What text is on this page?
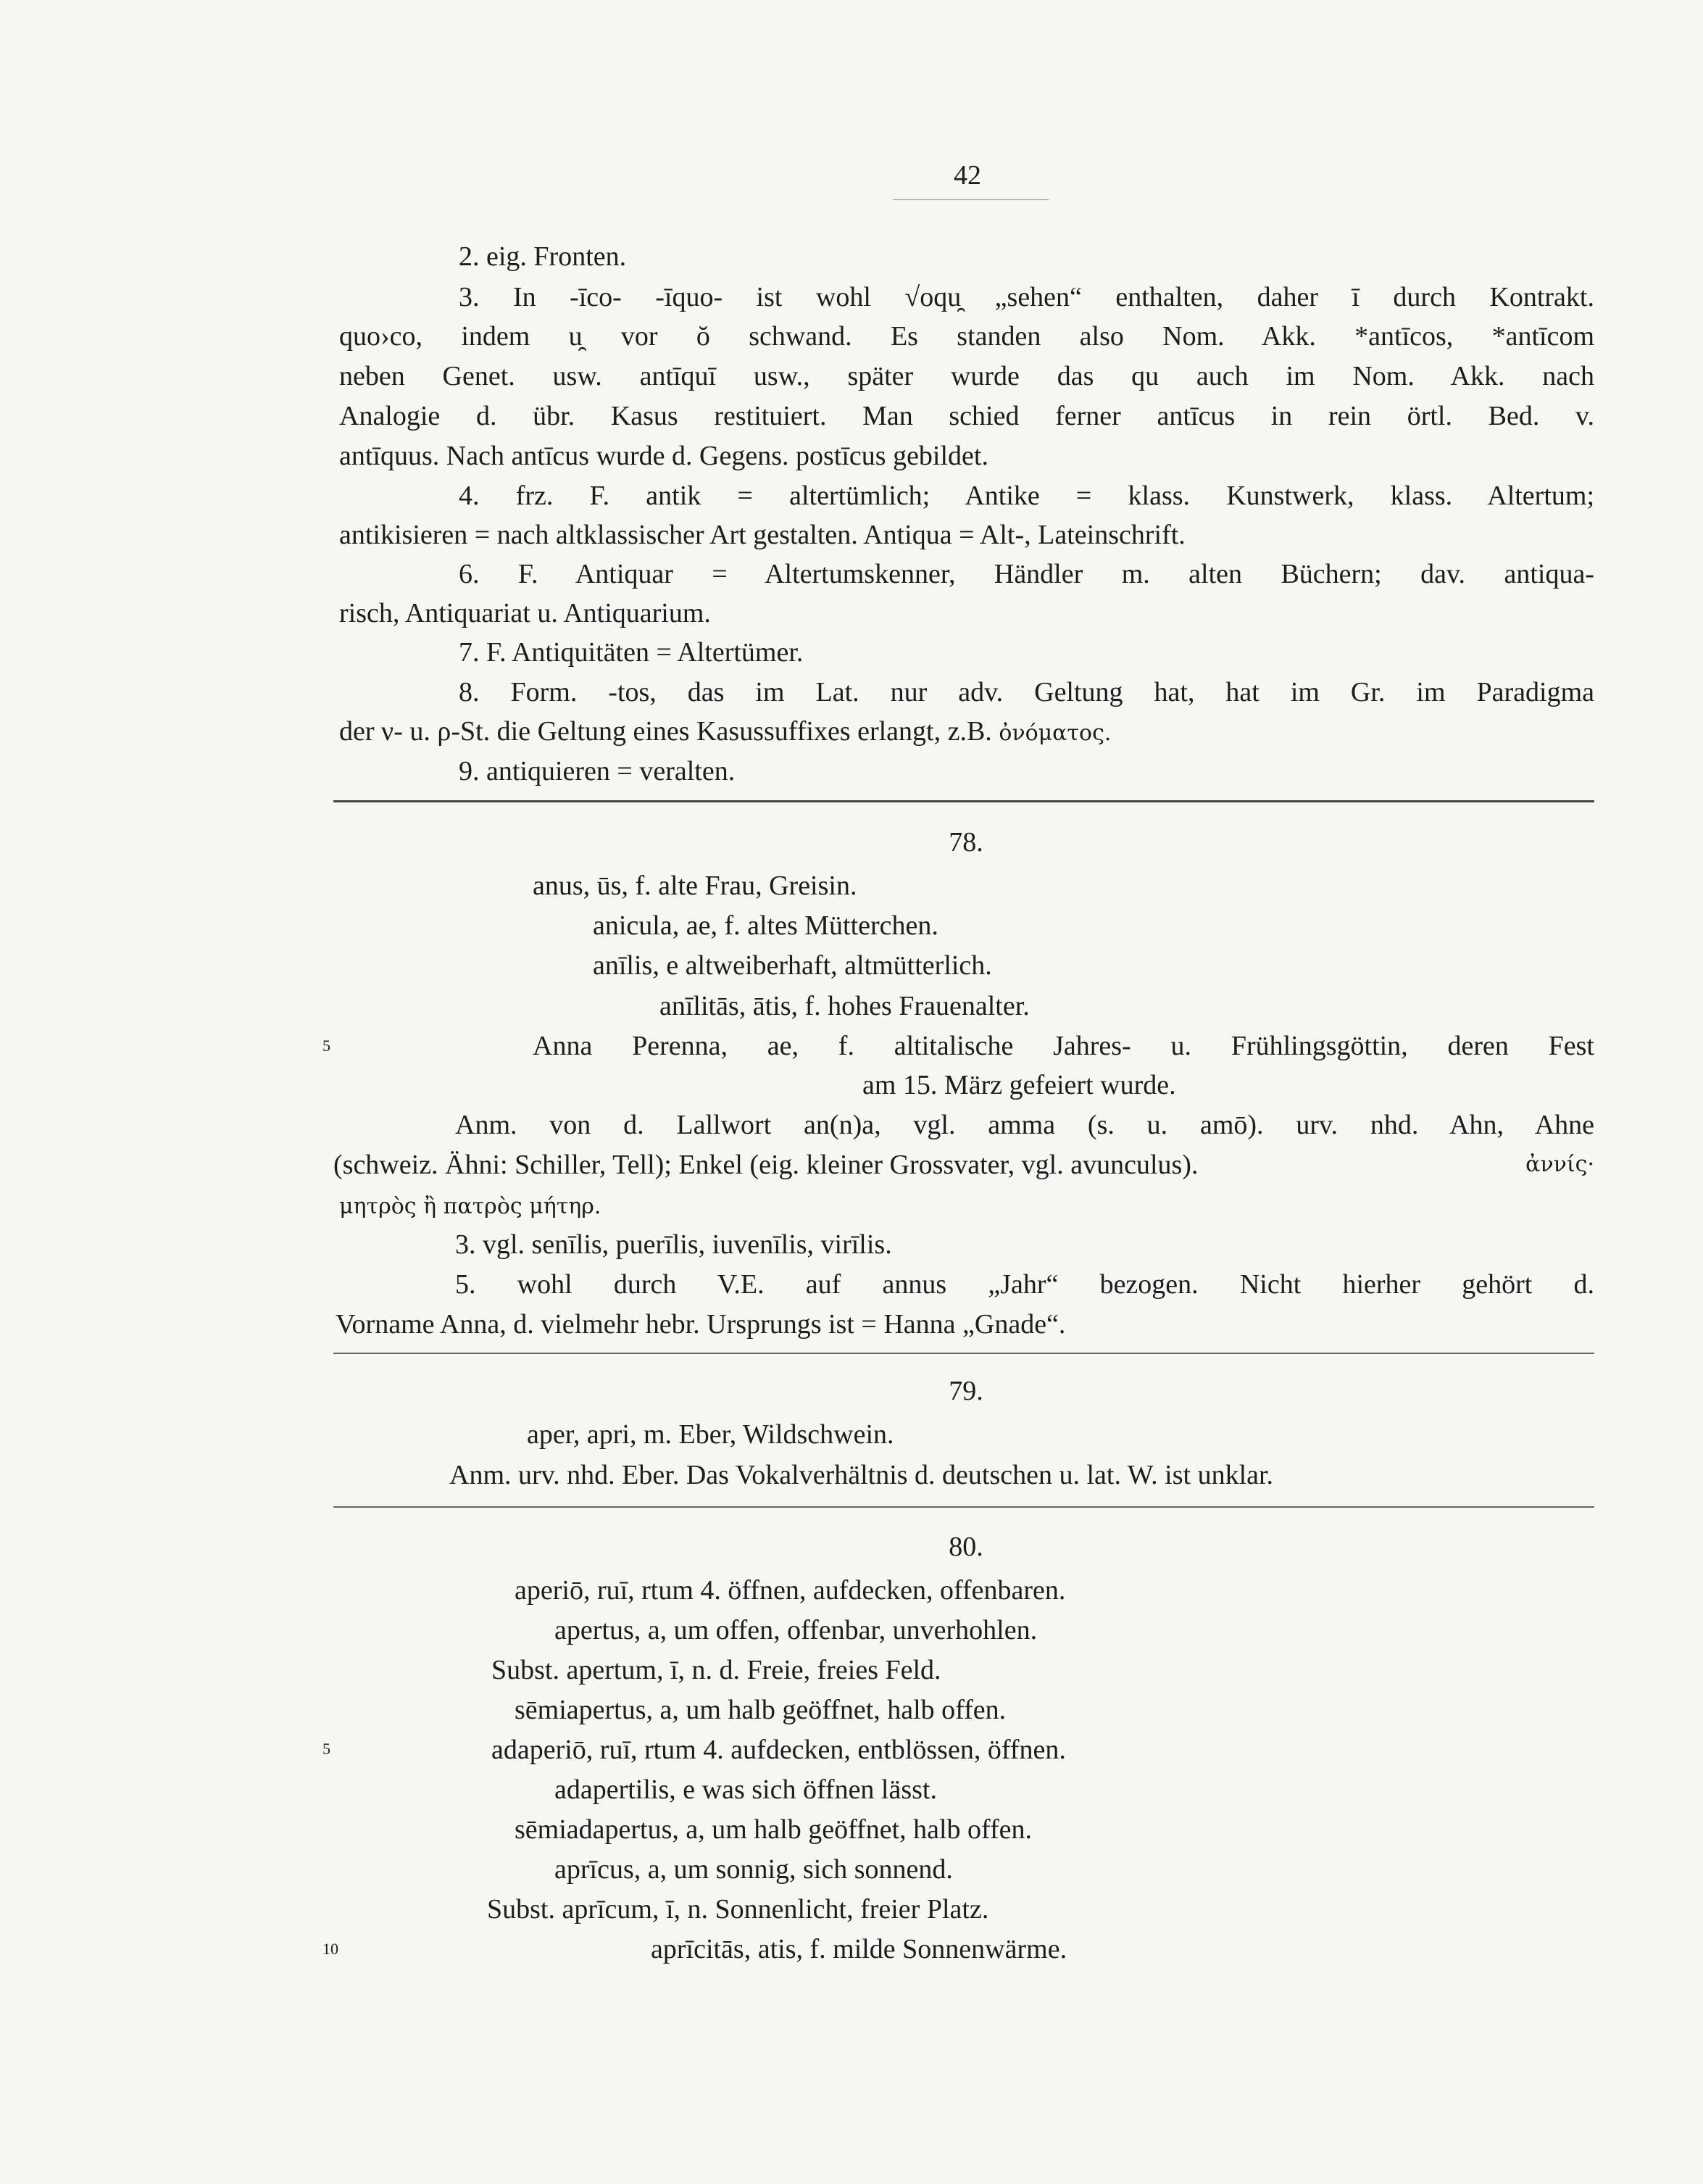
42
2. eig. Fronten.
3. In -īco- -īquo- ist wohl √oqu̯ „sehen“ enthalten, daher ī durch Kontrakt.
quo›co, indem u̯ vor ŏ schwand. Es standen also Nom. Akk. *antīcos, *antīcom
neben Genet. usw. antīquī usw., später wurde das qu auch im Nom. Akk. nach
Analogie d. übr. Kasus restituiert. Man schied ferner antīcus in rein örtl. Bed. v.
antīquus. Nach antīcus wurde d. Gegens. postīcus gebildet.
4. frz. F. antik = altertümlich; Antike = klass. Kunstwerk, klass. Altertum;
antikisieren = nach altklassischer Art gestalten. Antiqua = Alt-, Lateinschrift.
6. F. Antiquar = Altertumskenner, Händler m. alten Büchern; dav. antiqua-
risch, Antiquariat u. Antiquarium.
7. F. Antiquitäten = Altertümer.
8. Form. -tos, das im Lat. nur adv. Geltung hat, hat im Gr. im Paradigma
der ν- u. ρ-St. die Geltung eines Kasussuffixes erlangt, z.B. ὀνόματος.
9. antiquieren = veralten.
78.
anus, ūs, f. alte Frau, Greisin.
anicula, ae, f. altes Mütterchen.
anīlis, e altweiberhaft, altmütterlich.
anīlitās, ātis, f. hohes Frauenalter.
5	Anna Perenna, ae, f. altitalische Jahres- u. Frühlingsgöttin, deren Fest
am 15. März gefeiert wurde.
Anm. von d. Lallwort an(n)a, vgl. amma (s. u. amō). urv. nhd. Ahn, Ahne
(schweiz. Ähni: Schiller, Tell); Enkel (eig. kleiner Grossvater, vgl. avunculus).	ἀννίς·
μητρὸς ἢ πατρὸς μήτηρ.
3. vgl. senīlis, puerīlis, iuvenīlis, virīlis.
5. wohl durch V.E. auf annus „Jahr“ bezogen. Nicht hierher gehört d.
Vorname Anna, d. vielmehr hebr. Ursprungs ist = Hanna „Gnade“.
79.
aper, apri, m. Eber, Wildschwein.
Anm. urv. nhd. Eber. Das Vokalverhältnis d. deutschen u. lat. W. ist unklar.
80.
aperiō, ruī, rtum 4. öffnen, aufdecken, offenbaren.
apertus, a, um offen, offenbar, unverhohlen.
Subst. apertum, ī, n. d. Freie, freies Feld.
sēmiapertus, a, um halb geöffnet, halb offen.
5	adaperiō, ruī, rtum 4. aufdecken, entblössen, öffnen.
adapertilis, e was sich öffnen lässt.
sēmiadapertus, a, um halb geöffnet, halb offen.
aprīcus, a, um sonnig, sich sonnend.
Subst. aprīcum, ī, n. Sonnenlicht, freier Platz.
10	aprīcitās, atis, f. milde Sonnenwärme.
